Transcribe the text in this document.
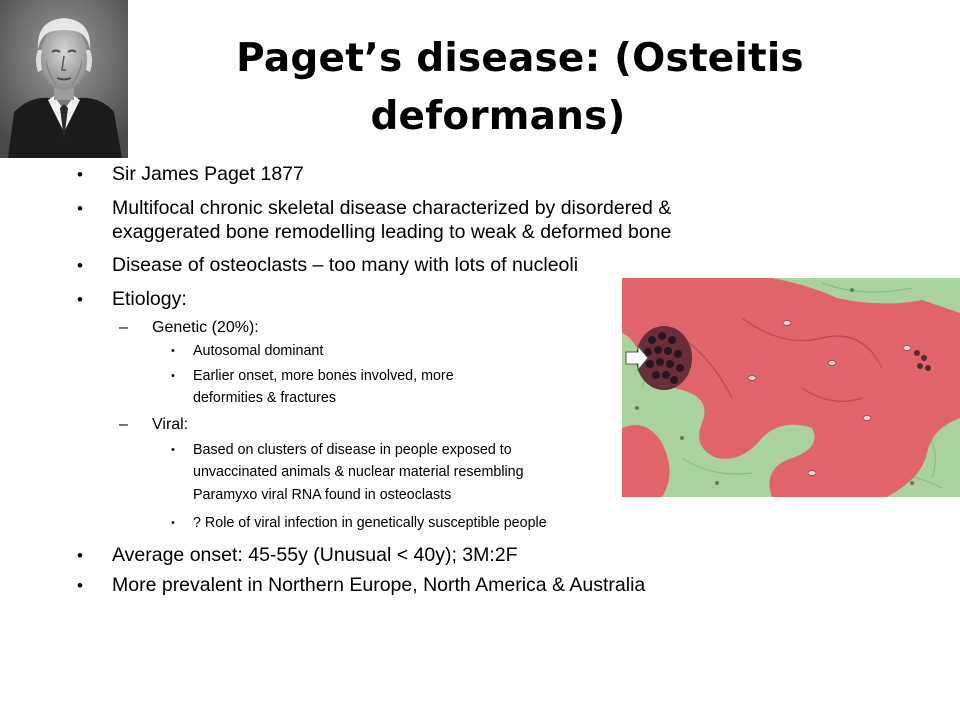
Paget’s disease: (Osteitis
deformans)
• Sir James Paget 1877
• Multifocal chronic skeletal disease characterized by disordered &
exaggerated bone remodelling leading to weak & deformed bone
• Disease of osteoclasts – too many with lots of nucleoli
• Etiology:
– Genetic (20%):
• Autosomal dominant
• Earlier onset, more bones involved, more
deformities & fractures
– Viral:
• Based on clusters of disease in people exposed to
unvaccinated animals & nuclear material resembling
Paramyxo viral RNA found in osteoclasts
• ? Role of viral infection in genetically susceptible people
• Average onset: 45-55y (Unusual < 40y); 3M:2F
• More prevalent in Northern Europe, North America & Australia
